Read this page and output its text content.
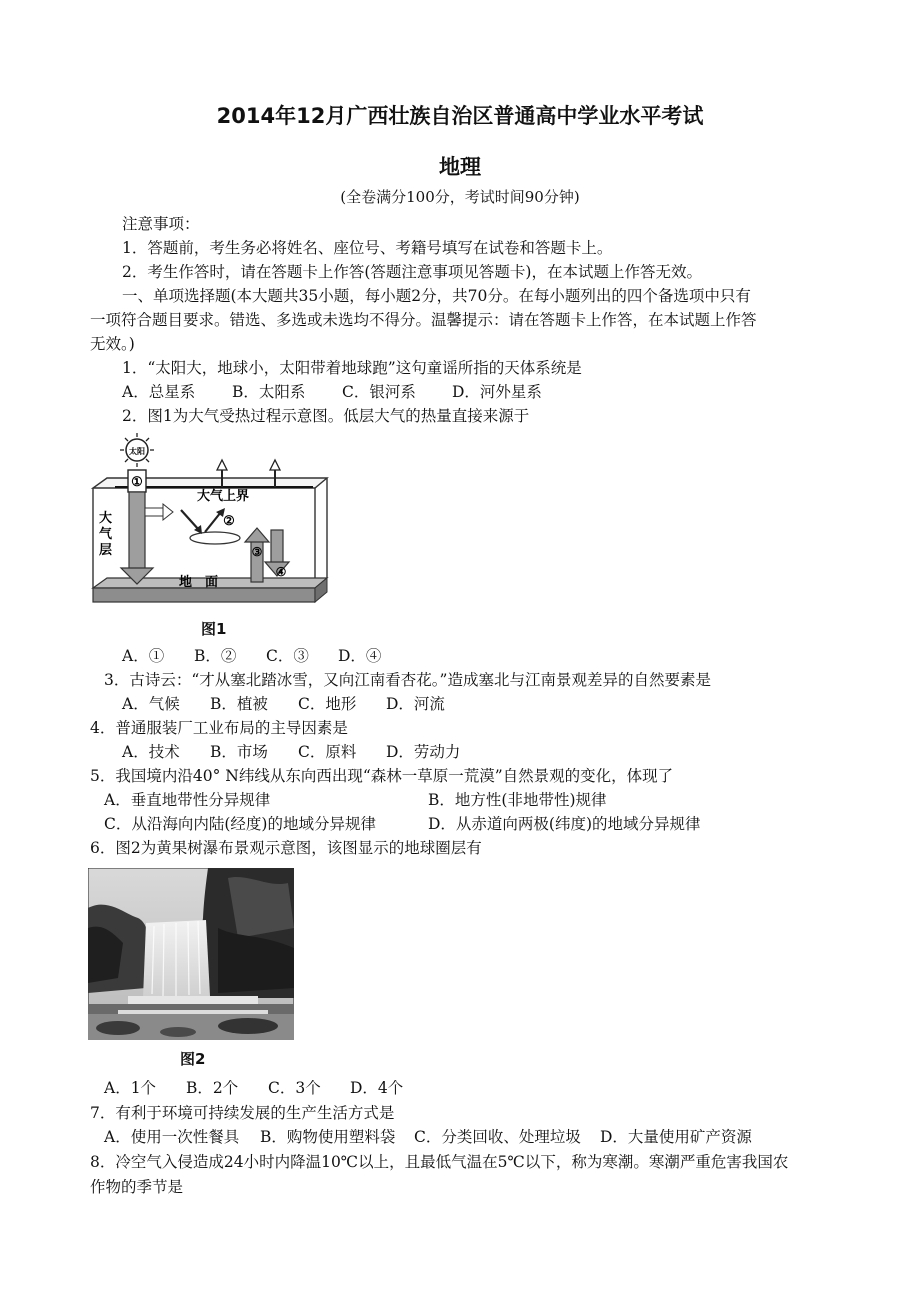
2014年12月广西壮族自治区普通高中学业水平考试
地理
(全卷满分100分，考试时间90分钟)
注意事项：
1．答题前，考生务必将姓名、座位号、考籍号填写在试卷和答题卡上。
2．考生作答时，请在答题卡上作答(答题注意事项见答题卡)，在本试题上作答无效。
一、单项选择题(本大题共35小题，每小题2分，共70分。在每小题列出的四个备选项中只有
一项符合题目要求。错选、多选或未选均不得分。温馨提示：请在答题卡上作答，在本试题上作答
无效。)
1．“太阳大，地球小，太阳带着地球跑”这句童谣所指的天体系统是
A．总星系 B．太阳系 C．银河系 D．河外星系
2．图1为大气受热过程示意图。低层大气的热量直接来源于
太阳
①
②
③
④
大气上界
大
气
层
地　面
图1
A．① B．② C．③ D．④
3．古诗云：“才从塞北踏冰雪，又向江南看杏花。”造成塞北与江南景观差异的自然要素是
A．气候 B．植被 C．地形 D．河流
4．普通服装厂工业布局的主导因素是
A．技术 B．市场 C．原料 D．劳动力
5．我国境内沿40° N纬线从东向西出现“森林一草原一荒漠”自然景观的变化，体现了
A．垂直地带性分异规律	B．地方性(非地带性)规律
C．从沿海向内陆(经度)的地域分异规律	D．从赤道向两极(纬度)的地域分异规律
6．图2为黄果树瀑布景观示意图，该图显示的地球圈层有
图2
A．1个 B．2个 C．3个 D．4个
7．有利于环境可持续发展的生产生活方式是
A．使用一次性餐具 B．购物使用塑料袋 C．分类回收、处理垃圾 D．大量使用矿产资源
8．冷空气入侵造成24小时内降温10℃以上，且最低气温在5℃以下，称为寒潮。寒潮严重危害我国农
作物的季节是
